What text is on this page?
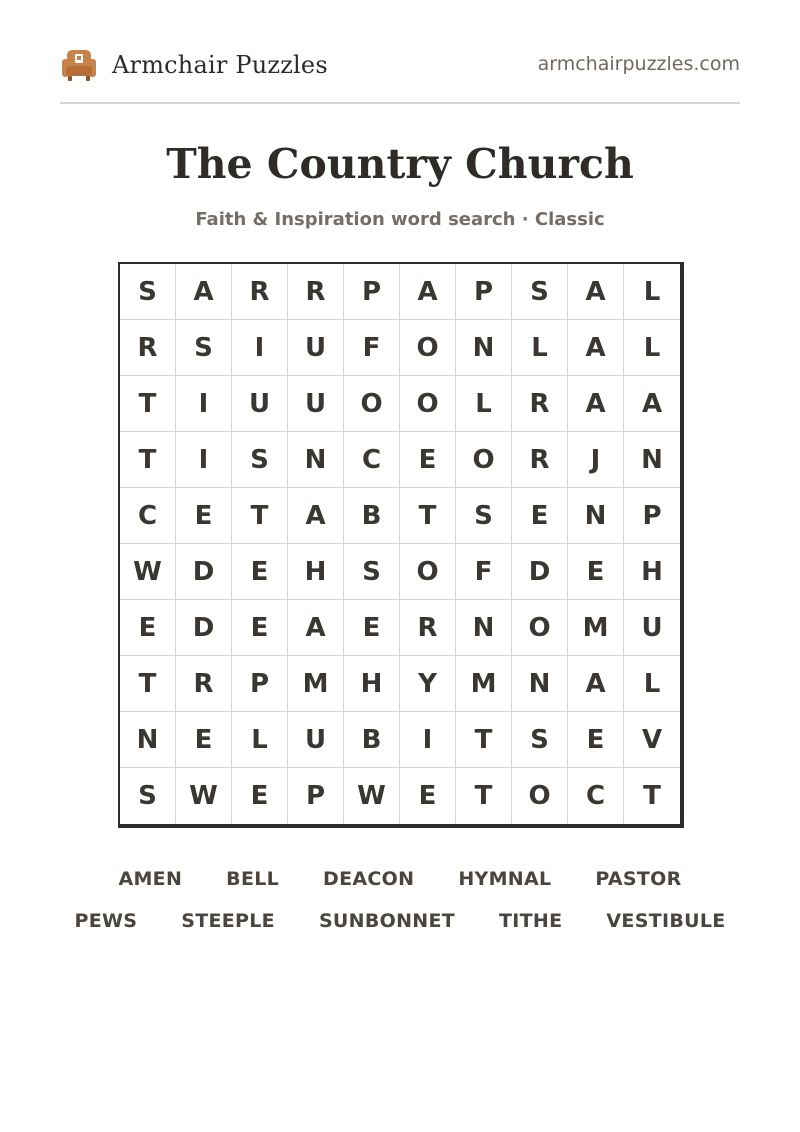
Armchair Puzzles	armchairpuzzles.com
The Country Church
Faith & Inspiration word search · Classic
S	A	R	R	P	A	P	S	A	L
R	S	I	U	F	O	N	L	A	L
T	I	U	U	O	O	L	R	A	A
T	I	S	N	C	E	O	R	J	N
C	E	T	A	B	T	S	E	N	P
W	D	E	H	S	O	F	D	E	H
E	D	E	A	E	R	N	O	M	U
T	R	P	M	H	Y	M	N	A	L
N	E	L	U	B	I	T	S	E	V
S	W	E	P	W	E	T	O	C	T
AMEN BELL DEACON HYMNAL PASTOR
PEWS STEEPLE SUNBONNET TITHE VESTIBULE
